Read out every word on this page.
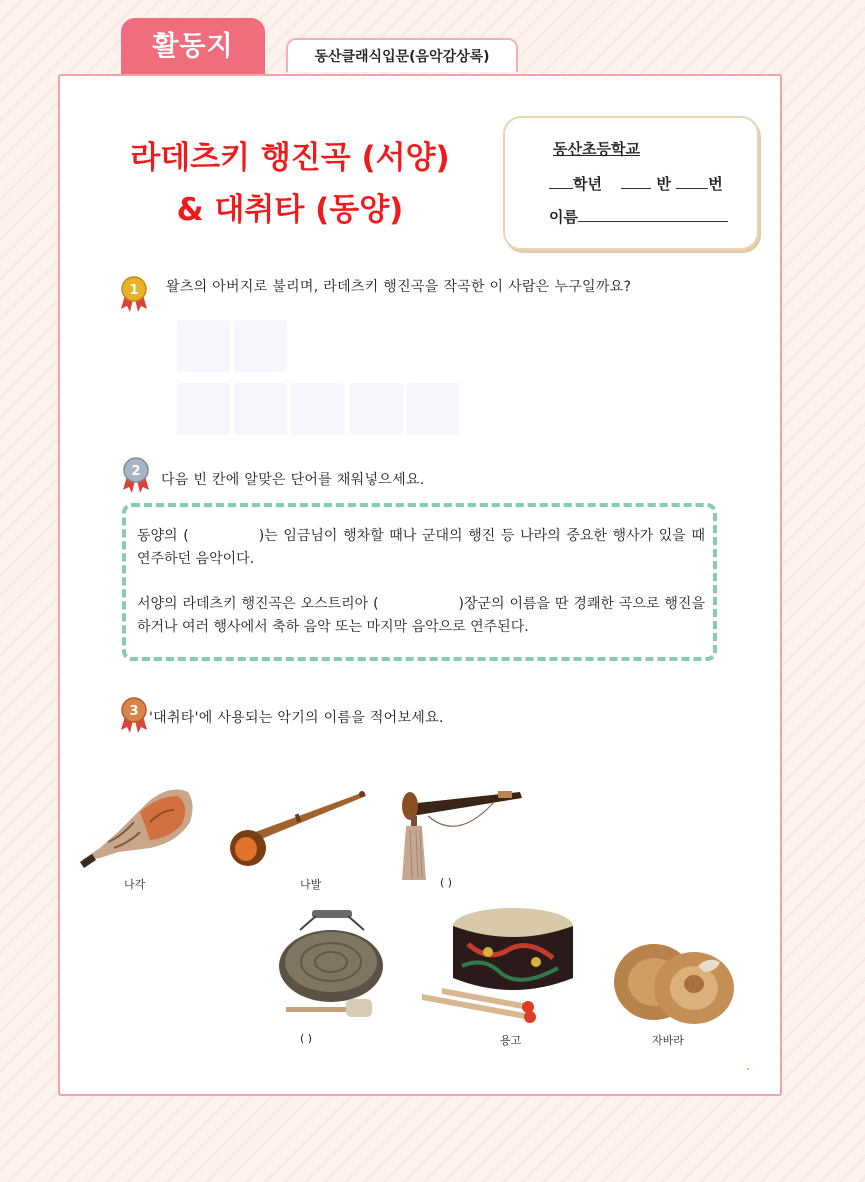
활동지	동산클래식입문(음악감상록)
라데츠키 행진곡 (서양)
& 대취타 (동양)
동산초등학교
학년	반 번
이름
1 왈츠의 아버지로 불리며, 라데츠키 행진곡을 작곡한 이 사람은 누구일까요?
2
다음 빈 칸에 알맞은 단어를 채워넣으세요.
동양의 (	)는 임금님이 행차할 때나 군대의 행진 등 나라의 중요한 행사가 있을 때 연주하던 음악이다.
서양의 라데츠키 행진곡은 오스트리아 (	)장군의 이름을 딴 경쾌한 곡으로 행진을 하거나 여러 행사에서 축하 음악 또는 마지막 음악으로 연주된다.
3 '대취타'에 사용되는 악기의 이름을 적어보세요.
나각	나발	( )
( )	용고	자바라
